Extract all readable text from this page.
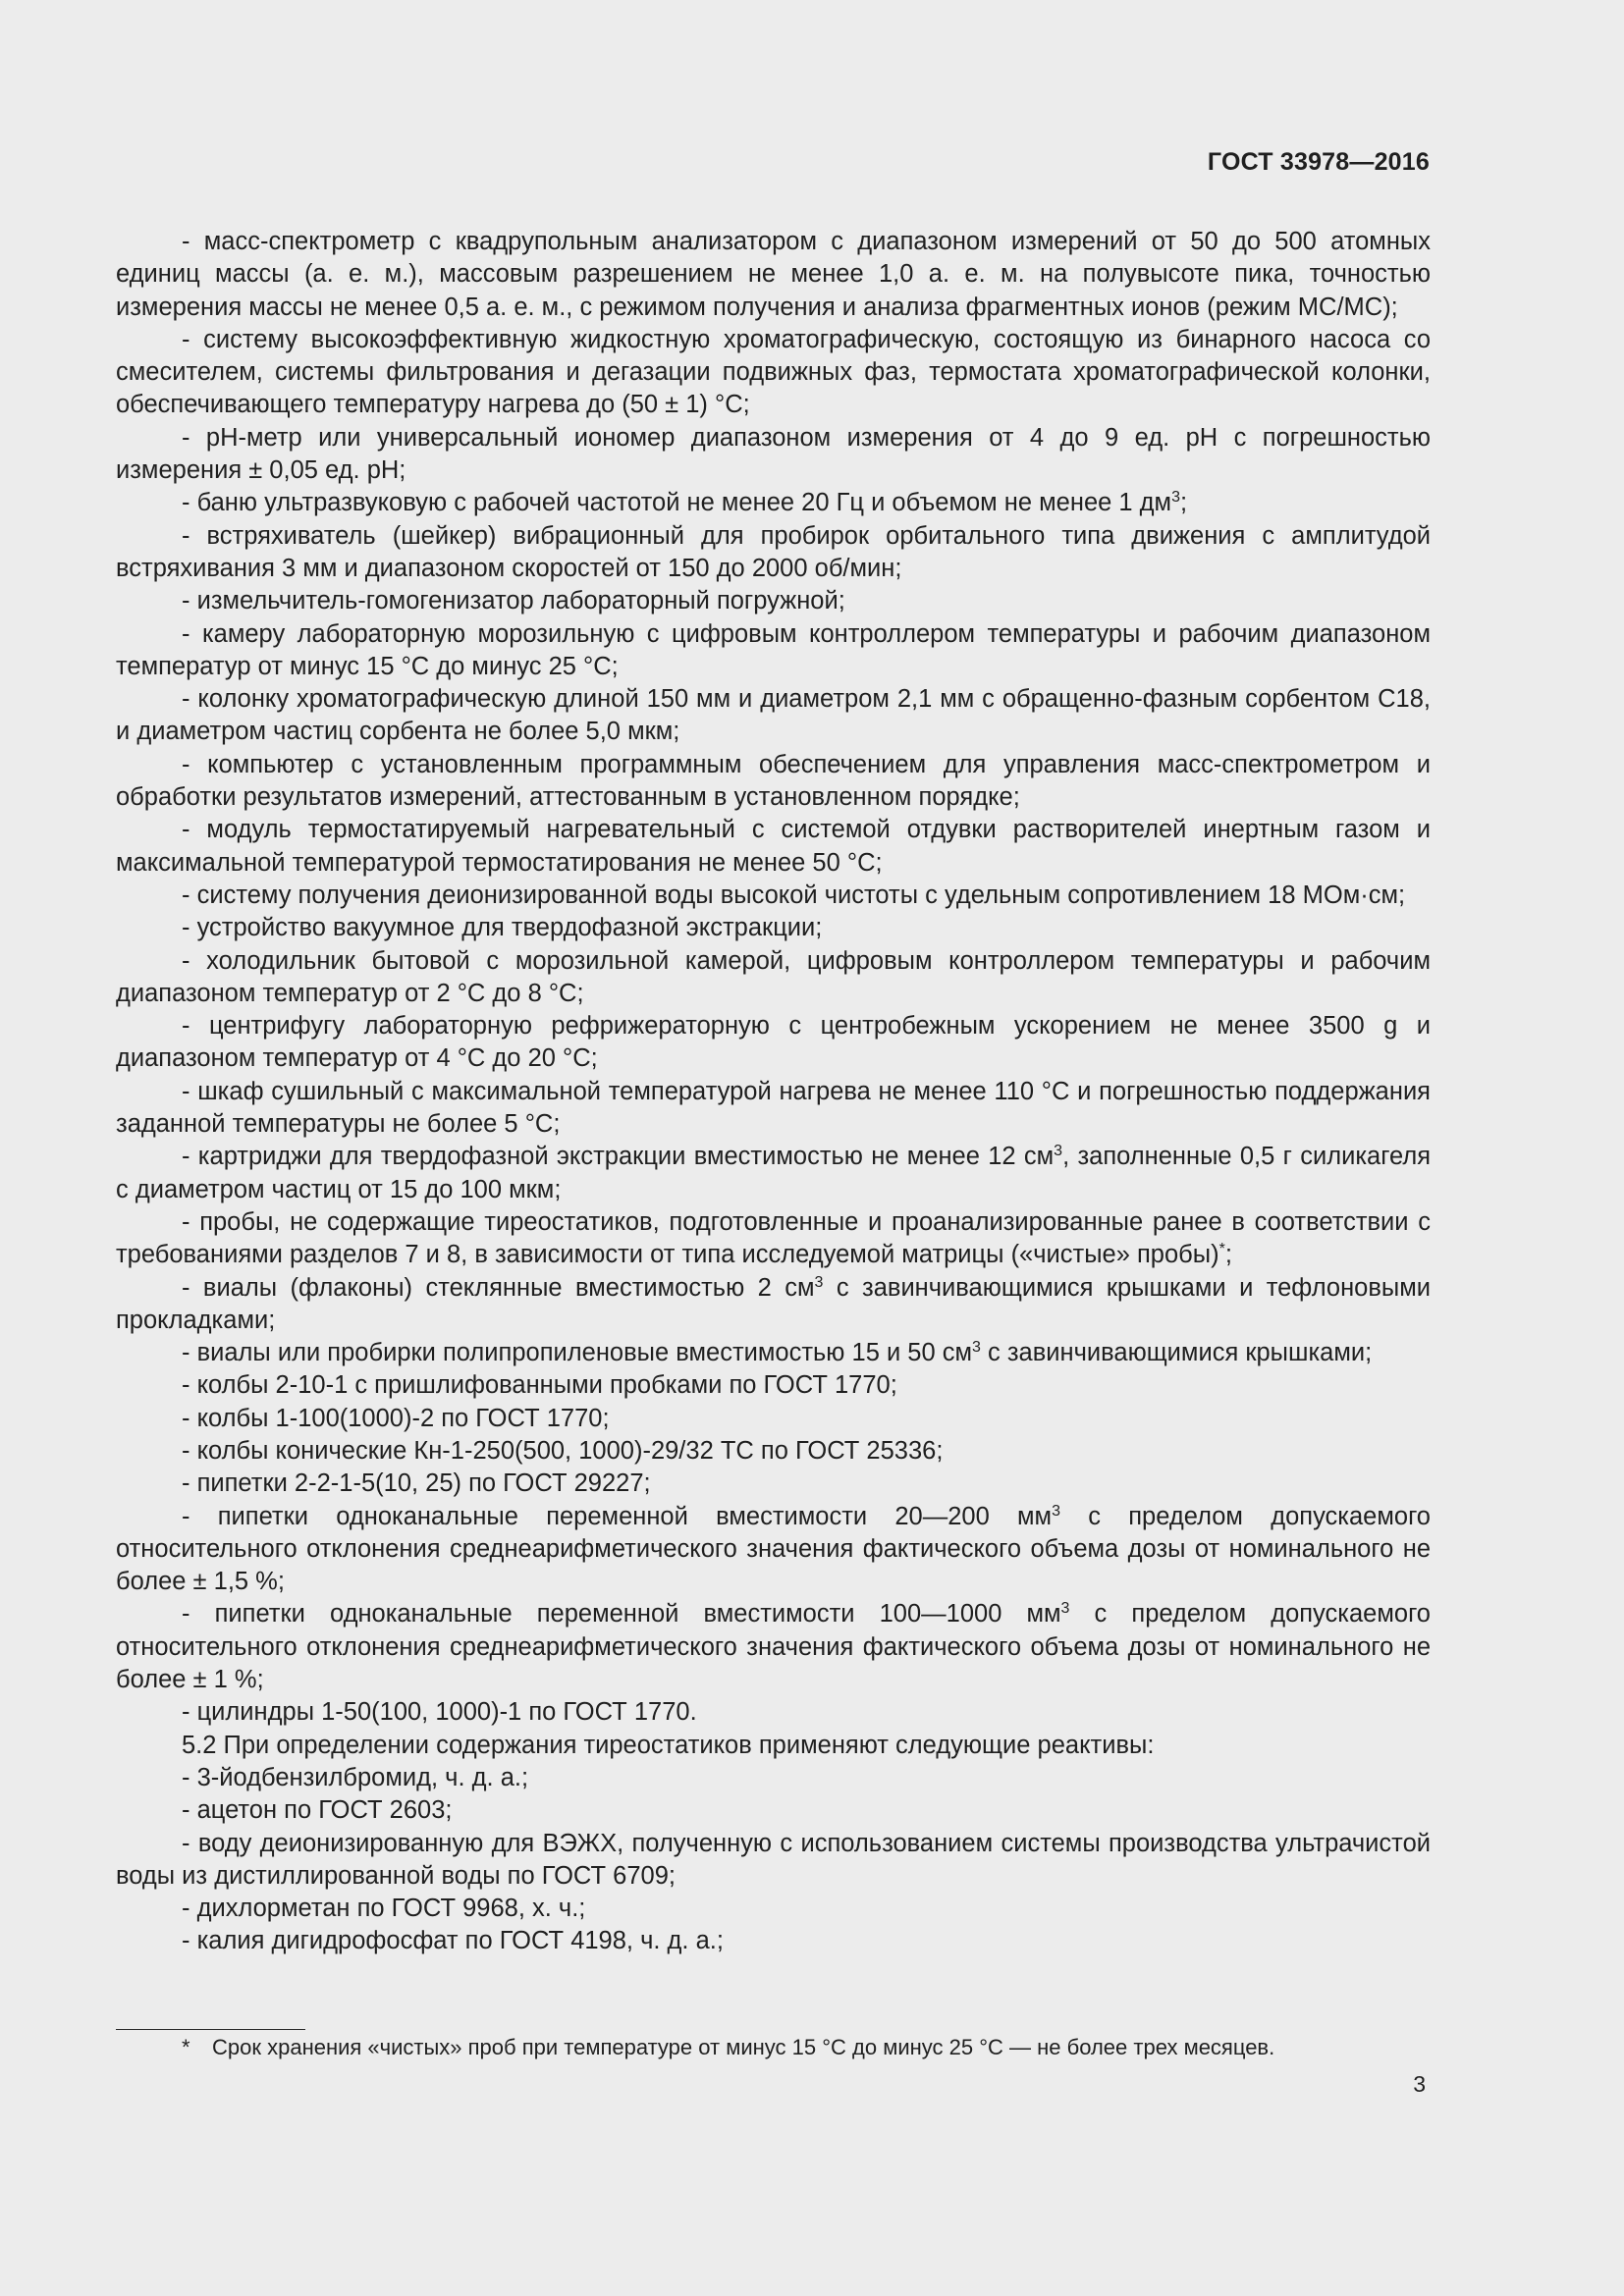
ГОСТ 33978—2016

- масс-спектрометр с квадрупольным анализатором с диапазоном измерений от 50 до 500 атомных единиц массы (а. е. м.), массовым разрешением не менее 1,0 а. е. м. на полувысоте пика, точностью измерения массы не менее 0,5 а. е. м., с режимом получения и анализа фрагментных ионов (режим МС/МС);

- систему высокоэффективную жидкостную хроматографическую, состоящую из бинарного насоса со смесителем, системы фильтрования и дегазации подвижных фаз, термостата хроматографической колонки, обеспечивающего температуру нагрева до (50 ± 1) °С;

- рН-метр или универсальный иономер диапазоном измерения от 4 до 9 ед. рН с погрешностью измерения ± 0,05 ед. рН;

- баню ультразвуковую с рабочей частотой не менее 20 Гц и объемом не менее 1 $дм^3$;

- встряхиватель (шейкер) вибрационный для пробирок орбитального типа движения с амплитудой встряхивания 3 мм и диапазоном скоростей от 150 до 2000 об/мин;

- измельчитель-гомогенизатор лабораторный погружной;

- камеру лабораторную морозильную с цифровым контроллером температуры и рабочим диапазоном температур от минус 15 °С до минус 25 °С;

- колонку хроматографическую длиной 150 мм и диаметром 2,1 мм с обращенно-фазным сорбентом С18, и диаметром частиц сорбента не более 5,0 мкм;

- компьютер с установленным программным обеспечением для управления масс-спектрометром и обработки результатов измерений, аттестованным в установленном порядке;

- модуль термостатируемый нагревательный с системой отдувки растворителей инертным газом и максимальной температурой термостатирования не менее 50 °С;

- систему получения деионизированной воды высокой чистоты с удельным сопротивлением 18 МОм·см;

- устройство вакуумное для твердофазной экстракции;

- холодильник бытовой с морозильной камерой, цифровым контроллером температуры и рабочим диапазоном температур от 2 °С до 8 °С;

- центрифугу лабораторную рефрижераторную с центробежным ускорением не менее 3500 g и диапазоном температур от 4 °С до 20 °С;

- шкаф сушильный с максимальной температурой нагрева не менее 110 °С и погрешностью поддержания заданной температуры не более 5 °С;

- картриджи для твердофазной экстракции вместимостью не менее 12 $см^3$, заполненные 0,5 г силикагеля с диаметром частиц от 15 до 100 мкм;

- пробы, не содержащие тиреостатиков, подготовленные и проанализированные ранее в соответствии с требованиями разделов 7 и 8, в зависимости от типа исследуемой матрицы («чистые» пробы)*;

- виалы (флаконы) стеклянные вместимостью 2 $см^3$ с завинчивающимися крышками и тефлоновыми прокладками;

- виалы или пробирки полипропиленовые вместимостью 15 и 50 $см^3$ с завинчивающимися крышками;

- колбы 2-10-1 с пришлифованными пробками по ГОСТ 1770;

- колбы 1-100(1000)-2 по ГОСТ 1770;

- колбы конические Кн-1-250(500, 1000)-29/32 ТС по ГОСТ 25336;

- пипетки 2-2-1-5(10, 25) по ГОСТ 29227;

- пипетки одноканальные переменной вместимости 20—200 $мм^3$ с пределом допускаемого относительного отклонения среднеарифметического значения фактического объема дозы от номинального не более ± 1,5 %;

- пипетки одноканальные переменной вместимости 100—1000 $мм^3$ с пределом допускаемого относительного отклонения среднеарифметического значения фактического объема дозы от номинального не более ± 1 %;

- цилиндры 1-50(100, 1000)-1 по ГОСТ 1770.

5.2 При определении содержания тиреостатиков применяют следующие реактивы:

- 3-йодбензилбромид, ч. д. а.;

- ацетон по ГОСТ 2603;

- воду деионизированную для ВЭЖХ, полученную с использованием системы производства ультрачистой воды из дистиллированной воды по ГОСТ 6709;

- дихлорметан по ГОСТ 9968, х. ч.;

- калия дигидрофосфат по ГОСТ 4198, ч. д. а.;

* Срок хранения «чистых» проб при температуре от минус 15 °С до минус 25 °С — не более трех месяцев.
3
